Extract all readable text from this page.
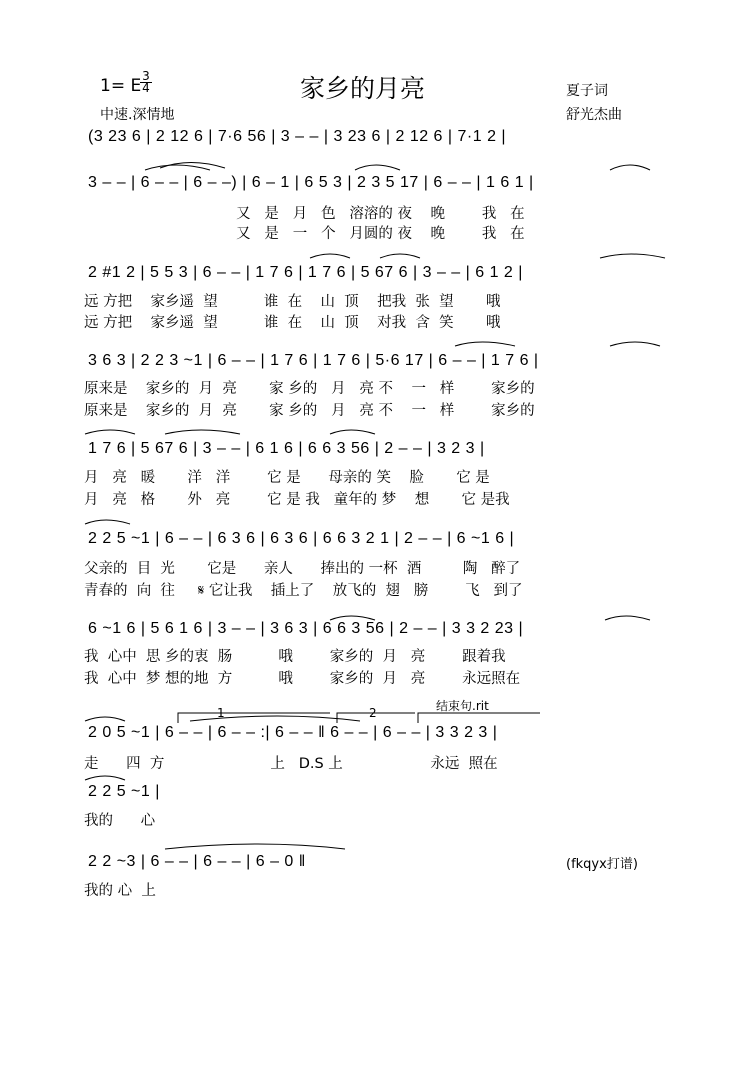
1= E
$\frac{3}{4}$	家乡的月亮	夏子词
中速.深情地	舒光杰曲
(3 23 6 | 2 12 6 | 7·6 56 | 3 – – | 3 23 6 | 2 12 6 | 7·1 2 |
3 – – | 6 – – | 6 – –) | 6 – 1 | 6 5 3 | 2 3 5 17 | 6 – – | 1 6 1 |
又   是   月   色   溶溶的 夜    晚        我   在
又   是   一   个   月圆的 夜    晚        我   在
2 #1 2 | 5 5 3 | 6 – – | 1 7 6 | 1 7 6 | 5 67 6 | 3 – – | 6 1 2 |
远 方把    家乡遥  望          谁  在    山  顶    把我  张  望       哦
远 方把    家乡遥  望          谁  在    山  顶    对我  含  笑       哦
3 6 3 | 2 2 3 ~1 | 6 – – | 1 7 6 | 1 7 6 | 5·6 17 | 6 – – | 1 7 6 |
原来是    家乡的  月  亮       家 乡的   月   亮 不    一   样        家乡的
原来是    家乡的  月  亮       家 乡的   月   亮 不    一   样        家乡的
1 7 6 | 5 67 6 | 3 – – | 6 1 6 | 6 6 3 56 | 2 – – | 3 2 3 |
月   亮   暖       洋   洋        它 是      母亲的 笑    脸       它 是
月   亮   格       外   亮        它 是 我   童年的 梦    想       它 是我
2 2 5 ~1 | 6 – – | 6 3 6 | 6 3 6 | 6 6 3 2 1 | 2 – – | 6 ~1 6 |
父亲的  目  光       它是      亲人      捧出的 一杯  酒         陶   醉了
青春的  向  往     𝄋 它让我    插上了    放飞的  翅   膀        飞   到了
6 ~1 6 | 5 6 1 6 | 3 – – | 3 6 3 | 6 6 3 56 | 2 – – | 3 3 2 23 |
我  心中  思 乡的衷  肠          哦        家乡的  月   亮        跟着我
我  心中  梦 想的地  方          哦        家乡的  月   亮        永远照在
结束句.rit
1	2
2 0 5 ~1 | 6 – – | 6 – – :| 6 – – ‖ 6 – – | 6 – – | 3 3 2 3 |
走      四  方                       上   D.S 上                   永远  照在
2 2 5 ~1 |
我的      心
2 2 ~3 | 6 – – | 6 – – | 6 – 0 ‖
我的 心  上
(fkqyx打谱)
